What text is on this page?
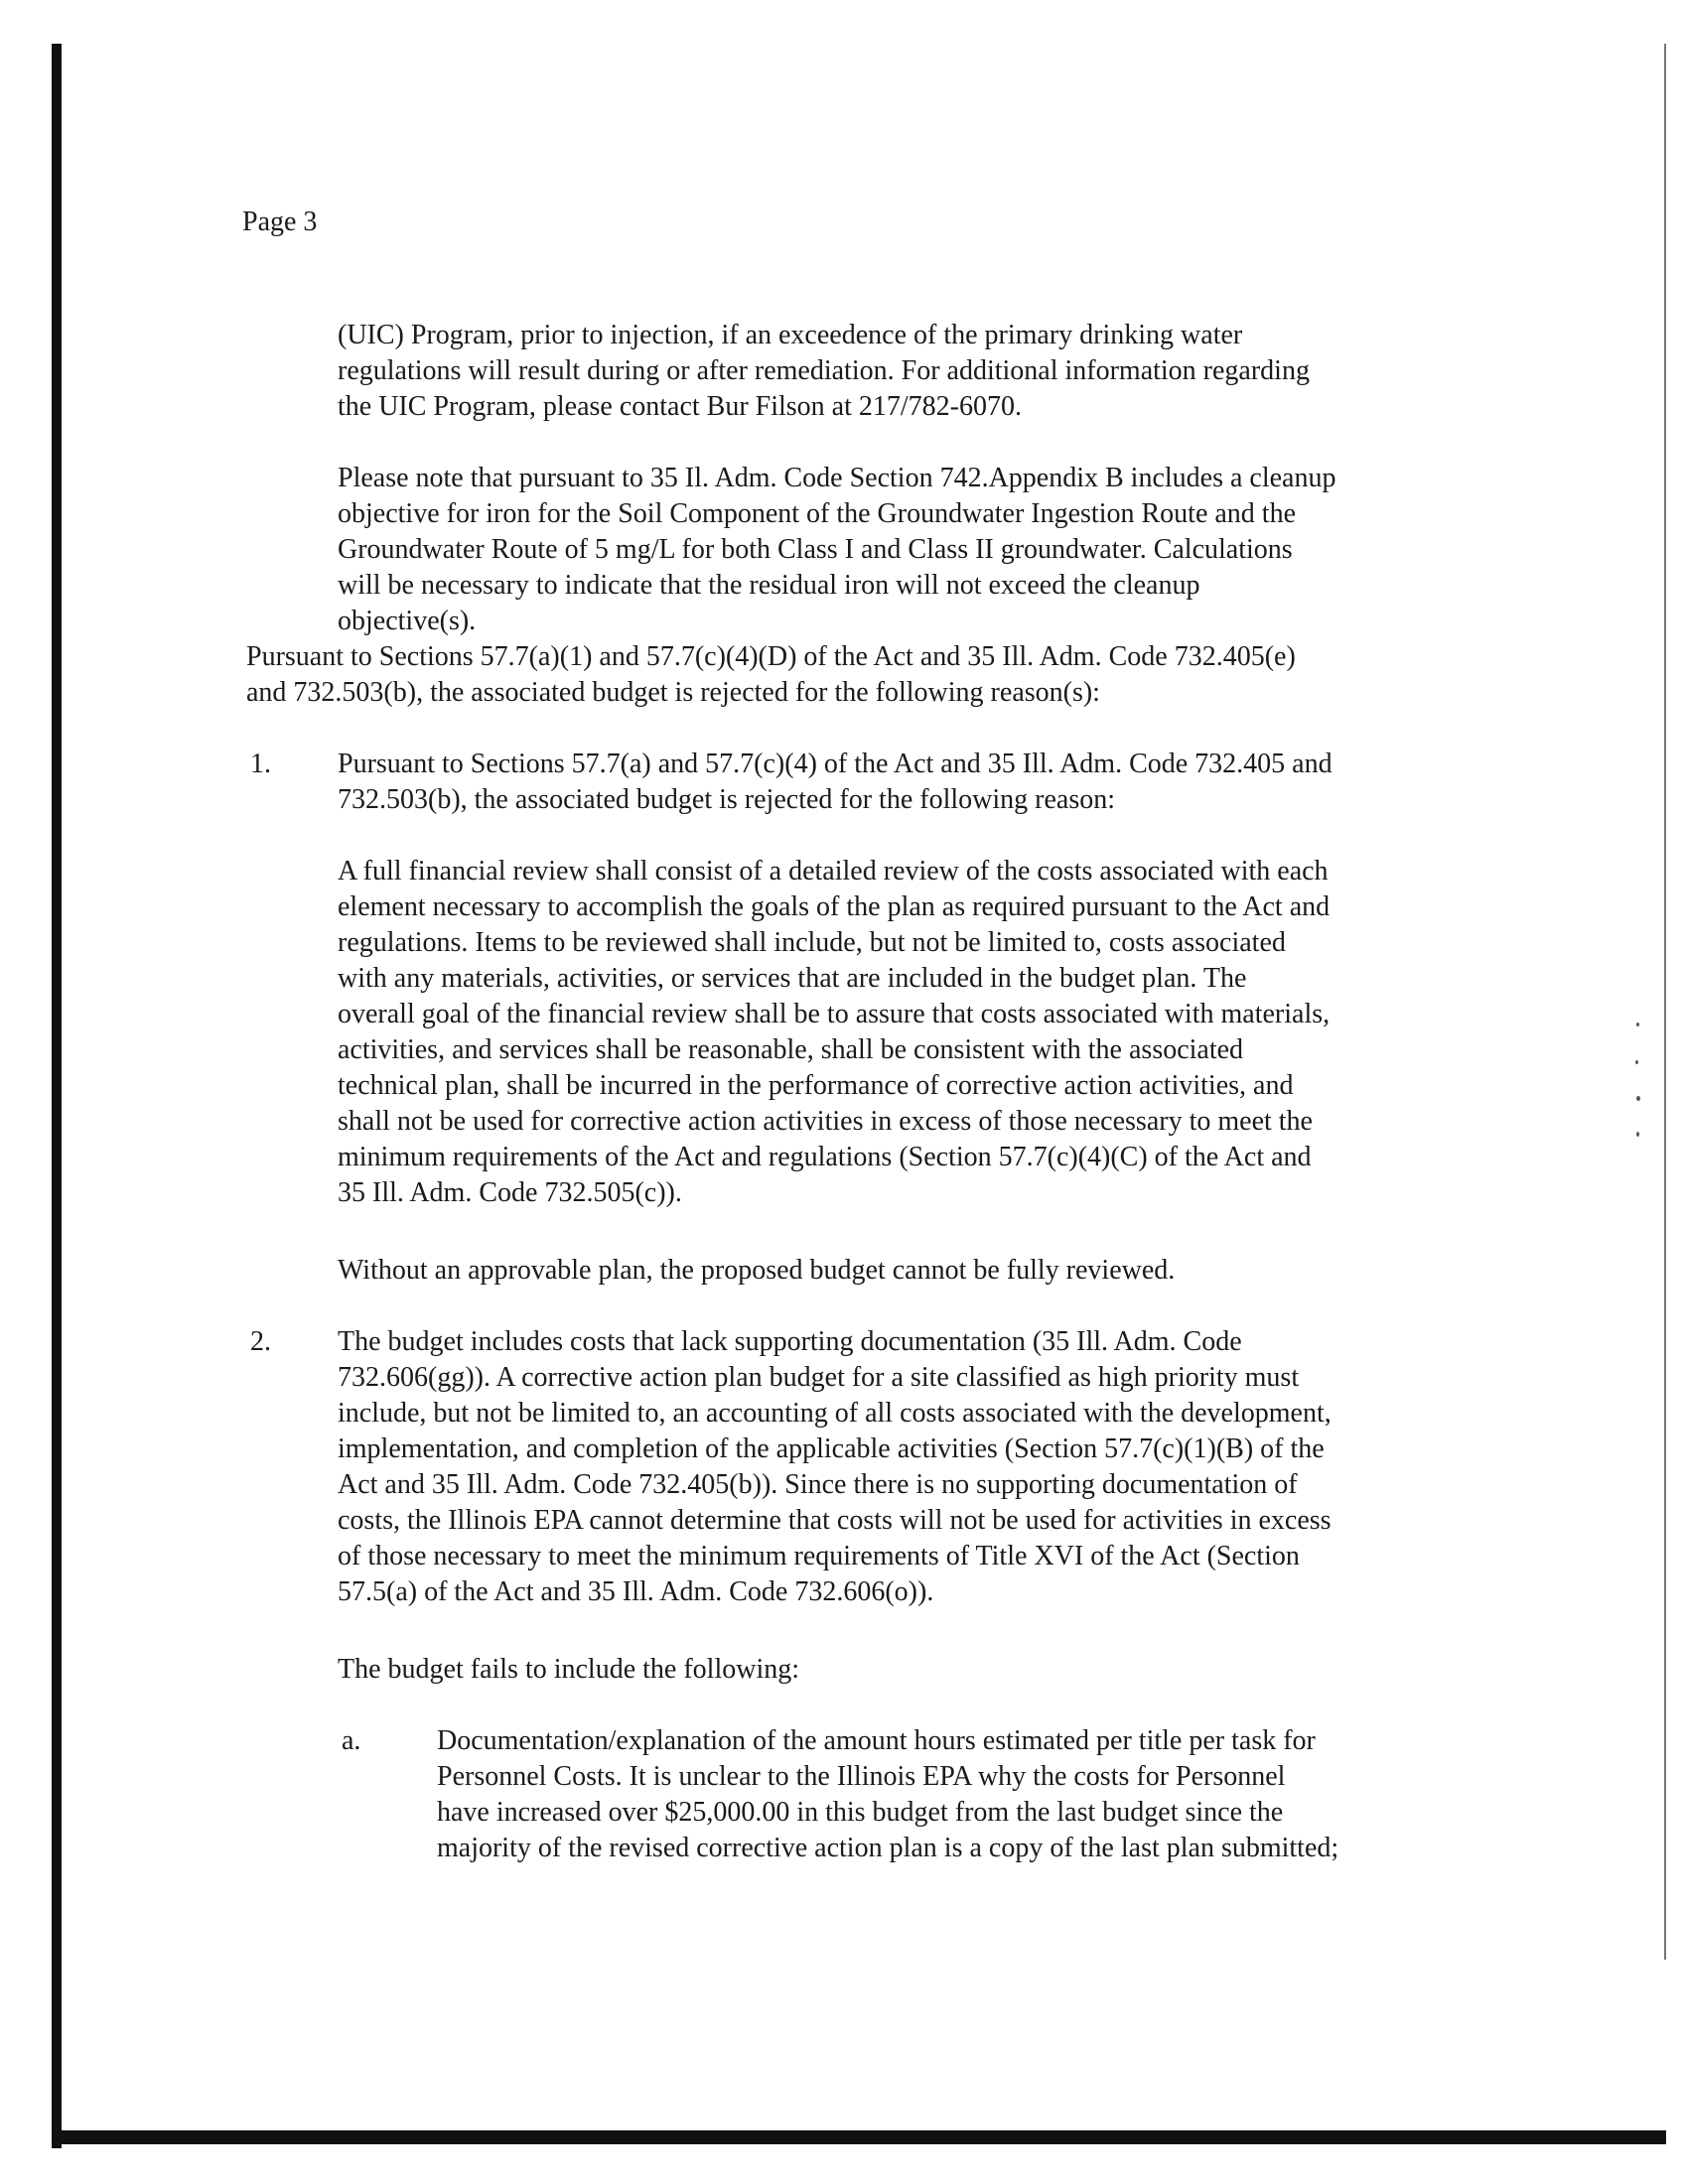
Page 3
(UIC) Program, prior to injection, if an exceedence of the primary drinking water
regulations will result during or after remediation. For additional information regarding
the UIC Program, please contact Bur Filson at 217/782-6070.
Please note that pursuant to 35 Il. Adm. Code Section 742.Appendix B includes a cleanup
objective for iron for the Soil Component of the Groundwater Ingestion Route and the
Groundwater Route of 5 mg/L for both Class I and Class II groundwater. Calculations
will be necessary to indicate that the residual iron will not exceed the cleanup
objective(s).
Pursuant to Sections 57.7(a)(1) and 57.7(c)(4)(D) of the Act and 35 Ill. Adm. Code 732.405(e)
and 732.503(b), the associated budget is rejected for the following reason(s):
1. Pursuant to Sections 57.7(a) and 57.7(c)(4) of the Act and 35 Ill. Adm. Code 732.405 and
732.503(b), the associated budget is rejected for the following reason:
A full financial review shall consist of a detailed review of the costs associated with each
element necessary to accomplish the goals of the plan as required pursuant to the Act and
regulations. Items to be reviewed shall include, but not be limited to, costs associated
with any materials, activities, or services that are included in the budget plan. The
overall goal of the financial review shall be to assure that costs associated with materials,
activities, and services shall be reasonable, shall be consistent with the associated
technical plan, shall be incurred in the performance of corrective action activities, and
shall not be used for corrective action activities in excess of those necessary to meet the
minimum requirements of the Act and regulations (Section 57.7(c)(4)(C) of the Act and
35 Ill. Adm. Code 732.505(c)).
Without an approvable plan, the proposed budget cannot be fully reviewed.
2. The budget includes costs that lack supporting documentation (35 Ill. Adm. Code
732.606(gg)). A corrective action plan budget for a site classified as high priority must
include, but not be limited to, an accounting of all costs associated with the development,
implementation, and completion of the applicable activities (Section 57.7(c)(1)(B) of the
Act and 35 Ill. Adm. Code 732.405(b)). Since there is no supporting documentation of
costs, the Illinois EPA cannot determine that costs will not be used for activities in excess
of those necessary to meet the minimum requirements of Title XVI of the Act (Section
57.5(a) of the Act and 35 Ill. Adm. Code 732.606(o)).
The budget fails to include the following:
a.	Documentation/explanation of the amount hours estimated per title per task for
Personnel Costs. It is unclear to the Illinois EPA why the costs for Personnel
have increased over $25,000.00 in this budget from the last budget since the
majority of the revised corrective action plan is a copy of the last plan submitted;
